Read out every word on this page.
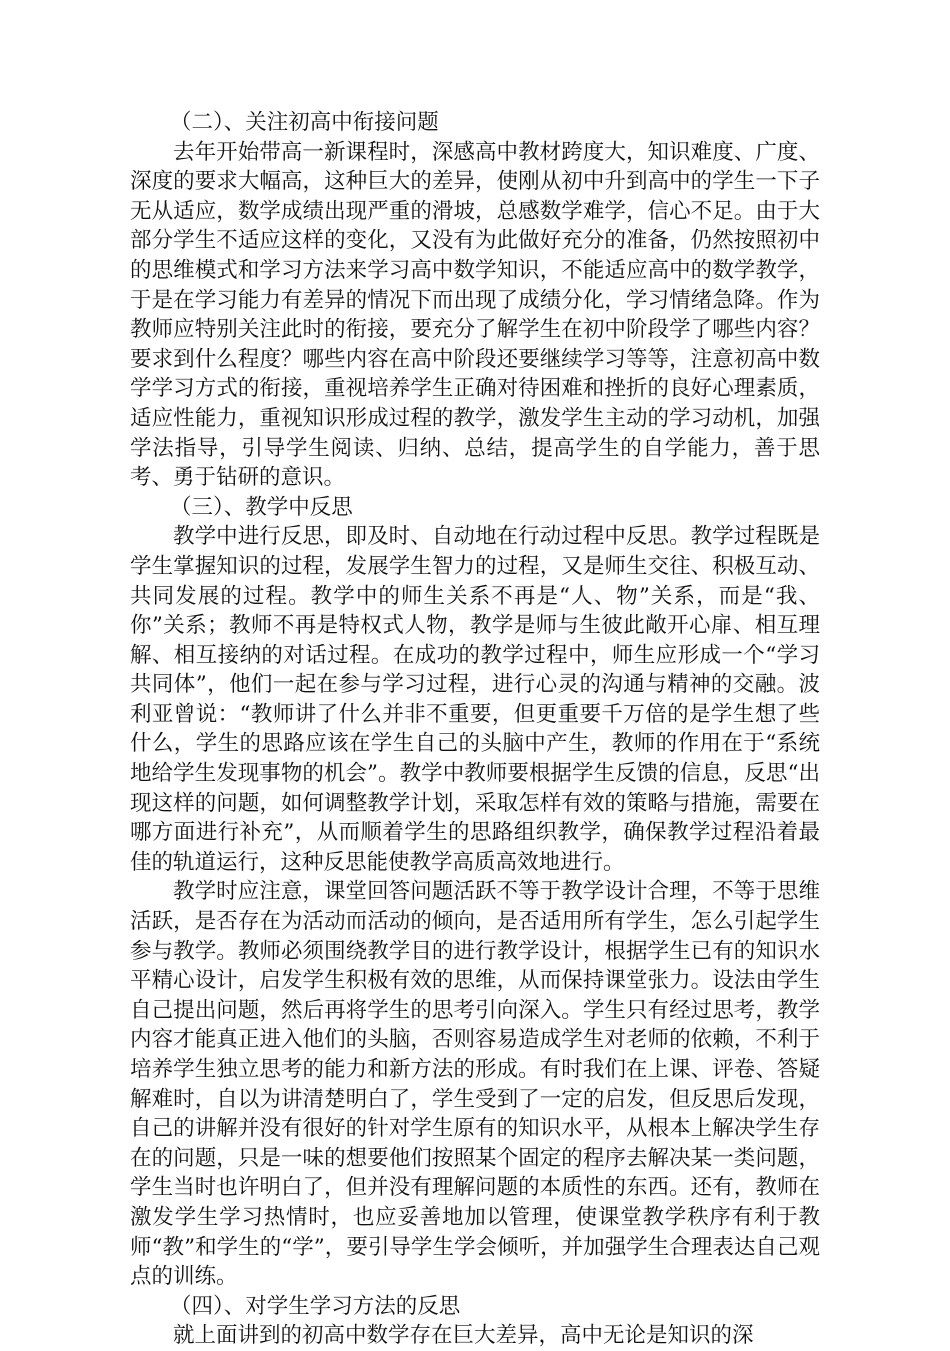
（二）、关注初高中衔接问题

去年开始带高一新课程时，深感高中教材跨度大，知识难度、广度、深度的要求大幅高，这种巨大的差异，使刚从初中升到高中的学生一下子无从适应，数学成绩出现严重的滑坡，总感数学难学，信心不足。由于大部分学生不适应这样的变化，又没有为此做好充分的准备，仍然按照初中的思维模式和学习方法来学习高中数学知识，不能适应高中的数学教学，于是在学习能力有差异的情况下而出现了成绩分化，学习情绪急降。作为教师应特别关注此时的衔接，要充分了解学生在初中阶段学了哪些内容？要求到什么程度？哪些内容在高中阶段还要继续学习等等，注意初高中数学学习方式的衔接，重视培养学生正确对待困难和挫折的良好心理素质，适应性能力，重视知识形成过程的教学，激发学生主动的学习动机，加强学法指导，引导学生阅读、归纳、总结，提高学生的自学能力，善于思考、勇于钻研的意识。

（三）、教学中反思

教学中进行反思，即及时、自动地在行动过程中反思。教学过程既是学生掌握知识的过程，发展学生智力的过程，又是师生交往、积极互动、共同发展的过程。教学中的师生关系不再是“人、物”关系，而是“我、你”关系；教师不再是特权式人物，教学是师与生彼此敞开心扉、相互理解、相互接纳的对话过程。在成功的教学过程中，师生应形成一个“学习共同体”，他们一起在参与学习过程，进行心灵的沟通与精神的交融。波利亚曾说：“教师讲了什么并非不重要，但更重要千万倍的是学生想了些什么，学生的思路应该在学生自己的头脑中产生，教师的作用在于“系统地给学生发现事物的机会”。教学中教师要根据学生反馈的信息，反思“出现这样的问题，如何调整教学计划，采取怎样有效的策略与措施，需要在哪方面进行补充”，从而顺着学生的思路组织教学，确保教学过程沿着最佳的轨道运行，这种反思能使教学高质高效地进行。

教学时应注意，课堂回答问题活跃不等于教学设计合理，不等于思维活跃，是否存在为活动而活动的倾向，是否适用所有学生，怎么引起学生参与教学。教师必须围绕教学目的进行教学设计，根据学生已有的知识水平精心设计，启发学生积极有效的思维，从而保持课堂张力。设法由学生自己提出问题，然后再将学生的思考引向深入。学生只有经过思考，教学内容才能真正进入他们的头脑，否则容易造成学生对老师的依赖，不利于培养学生独立思考的能力和新方法的形成。有时我们在上课、评卷、答疑解难时，自以为讲清楚明白了，学生受到了一定的启发，但反思后发现，自己的讲解并没有很好的针对学生原有的知识水平，从根本上解决学生存在的问题，只是一味的想要他们按照某个固定的程序去解决某一类问题，学生当时也许明白了，但并没有理解问题的本质性的东西。还有，教师在激发学生学习热情时，也应妥善地加以管理，使课堂教学秩序有利于教师“教”和学生的“学”，要引导学生学会倾听，并加强学生合理表达自己观点的训练。

（四）、对学生学习方法的反思

就上面讲到的初高中数学存在巨大差异，高中无论是知识的深
